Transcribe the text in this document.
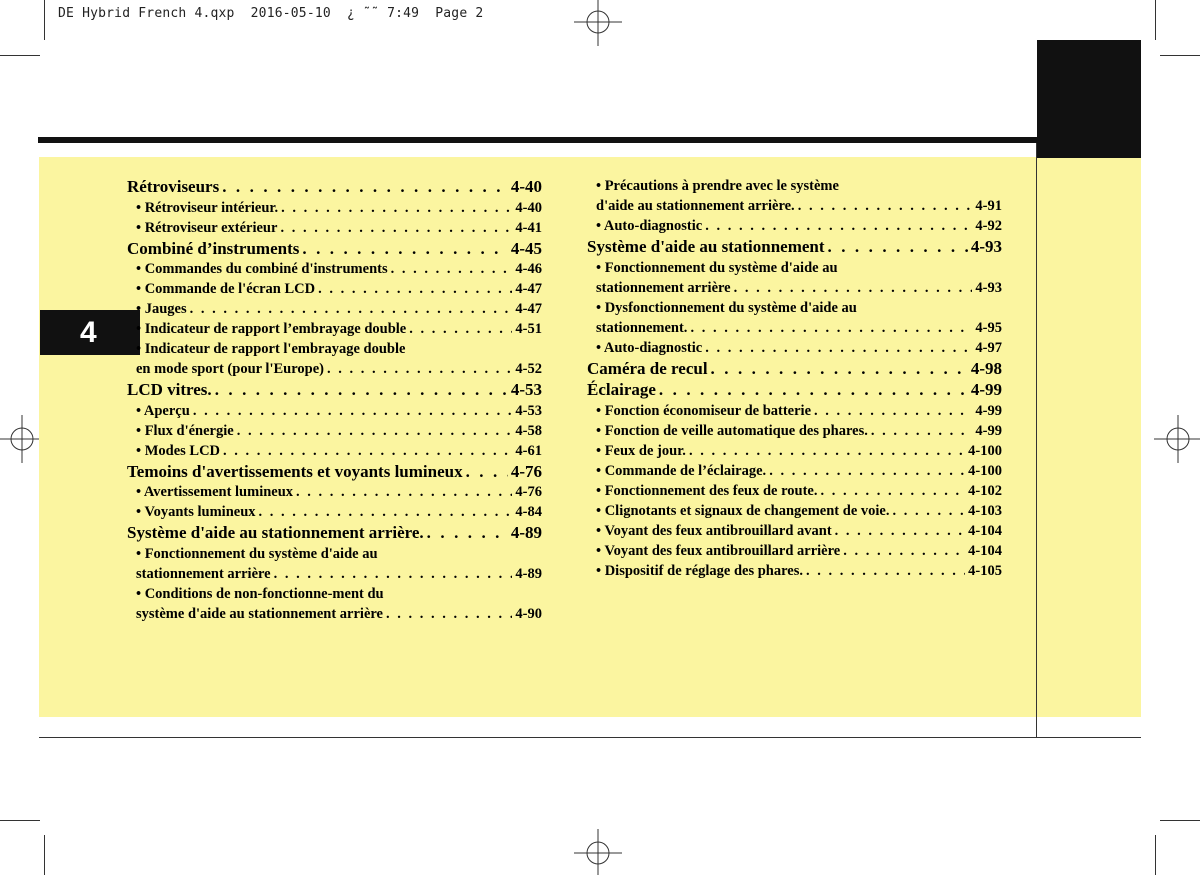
DE Hybrid French 4.qxp  2016-05-10  ¿ ˜˜ 7:49  Page 2
4
Rétroviseurs . . .	4-40
• Rétroviseur intérieur. . . .	4-40
• Rétroviseur extérieur . . .	4-41
Combiné d’instruments . . .	4-45
• Commandes du combiné d'instruments . . .	4-46
• Commande de l'écran LCD . . .	4-47
• Jauges . . .	4-47
• Indicateur de rapport l’embrayage double . . .	4-51
• Indicateur de rapport l'embrayage double
en mode sport (pour l'Europe) . . .	4-52
LCD vitres. . . .	4-53
• Aperçu . . .	4-53
• Flux d'énergie . . .	4-58
• Modes LCD . . .	4-61
Temoins d'avertissements et voyants lumineux . . .	4-76
• Avertissement lumineux . . .	4-76
• Voyants lumineux . . .	4-84
Système d'aide au stationnement arrière. . . .	4-89
• Fonctionnement du système d'aide au
stationnement arrière . . .	4-89
• Conditions de non-fonctionne-ment du
système d'aide au stationnement arrière . . .	4-90
• Précautions à prendre avec le système
d'aide au stationnement arrière. . . .	4-91
• Auto-diagnostic . . .	4-92
Système d'aide au stationnement . . .	4-93
• Fonctionnement du système d'aide au
stationnement arrière . . .	4-93
• Dysfonctionnement du système d'aide au
stationnement. . . .	4-95
• Auto-diagnostic . . .	4-97
Caméra de recul . . .	4-98
Éclairage . . .	4-99
• Fonction économiseur de batterie . . .	4-99
• Fonction de veille automatique des phares. . . .	4-99
• Feux de jour. . . .	4-100
• Commande de l’éclairage. . . .	4-100
• Fonctionnement des feux de route. . . .	4-102
• Clignotants et signaux de changement de voie. . . .	4-103
• Voyant des feux antibrouillard avant . . .	4-104
• Voyant des feux antibrouillard arrière . . .	4-104
• Dispositif de réglage des phares. . . .	4-105
